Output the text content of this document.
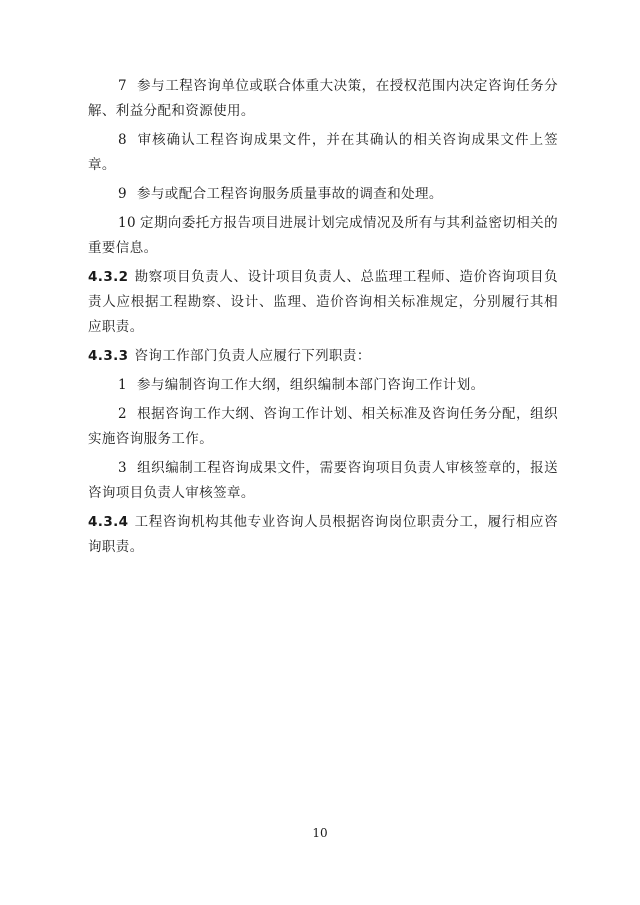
7 参与工程咨询单位或联合体重大决策，在授权范围内决定咨询任务分解、利益分配和资源使用。

8 审核确认工程咨询成果文件，并在其确认的相关咨询成果文件上签章。

9 参与或配合工程咨询服务质量事故的调查和处理。

10 定期向委托方报告项目进展计划完成情况及所有与其利益密切相关的重要信息。

4.3.2 勘察项目负责人、设计项目负责人、总监理工程师、造价咨询项目负责人应根据工程勘察、设计、监理、造价咨询相关标准规定，分别履行其相应职责。

4.3.3 咨询工作部门负责人应履行下列职责：

1 参与编制咨询工作大纲，组织编制本部门咨询工作计划。

2 根据咨询工作大纲、咨询工作计划、相关标准及咨询任务分配，组织实施咨询服务工作。

3 组织编制工程咨询成果文件，需要咨询项目负责人审核签章的，报送咨询项目负责人审核签章。

4.3.4 工程咨询机构其他专业咨询人员根据咨询岗位职责分工，履行相应咨询职责。

10
